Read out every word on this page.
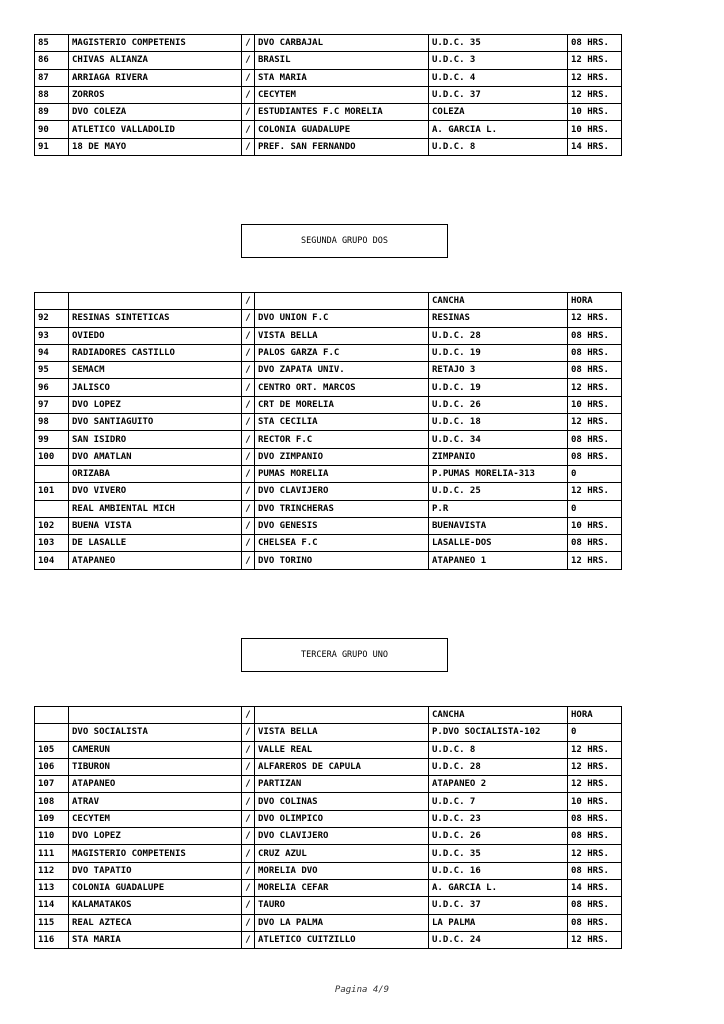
85	MAGISTERIO COMPETENIS	/	DVO CARBAJAL	U.D.C. 35	08 HRS.
86	CHIVAS ALIANZA	/	BRASIL	U.D.C. 3	12 HRS.
87	ARRIAGA RIVERA	/	STA MARIA	U.D.C. 4	12 HRS.
88	ZORROS	/	CECYTEM	U.D.C. 37	12 HRS.
89	DVO COLEZA	/	ESTUDIANTES F.C MORELIA	COLEZA	10 HRS.
90	ATLETICO VALLADOLID	/	COLONIA GUADALUPE	A. GARCIA L.	10 HRS.
91	18 DE MAYO	/	PREF. SAN FERNANDO	U.D.C. 8	14 HRS.
SEGUNDA GRUPO DOS
		/		CANCHA	HORA
92	RESINAS SINTETICAS	/	DVO UNION F.C	RESINAS	12 HRS.
93	OVIEDO	/	VISTA BELLA	U.D.C. 28	08 HRS.
94	RADIADORES CASTILLO	/	PALOS GARZA F.C	U.D.C. 19	08 HRS.
95	SEMACM	/	DVO ZAPATA UNIV.	RETAJO 3	08 HRS.
96	JALISCO	/	CENTRO ORT. MARCOS	U.D.C. 19	12 HRS.
97	DVO LOPEZ	/	CRT DE MORELIA	U.D.C. 26	10 HRS.
98	DVO SANTIAGUITO	/	STA CECILIA	U.D.C. 18	12 HRS.
99	SAN ISIDRO	/	RECTOR F.C	U.D.C. 34	08 HRS.
100	DVO AMATLAN	/	DVO ZIMPANIO	ZIMPANIO	08 HRS.
	ORIZABA	/	PUMAS MORELIA	P.PUMAS MORELIA-313	0
101	DVO VIVERO	/	DVO CLAVIJERO	U.D.C. 25	12 HRS.
	REAL AMBIENTAL MICH	/	DVO TRINCHERAS	P.R	0
102	BUENA VISTA	/	DVO GENESIS	BUENAVISTA	10 HRS.
103	DE LASALLE	/	CHELSEA F.C	LASALLE-DOS	08 HRS.
104	ATAPANEO	/	DVO TORINO	ATAPANEO 1	12 HRS.
TERCERA GRUPO UNO
		/		CANCHA	HORA
	DVO SOCIALISTA	/	VISTA BELLA	P.DVO SOCIALISTA-102	0
105	CAMERUN	/	VALLE REAL	U.D.C. 8	12 HRS.
106	TIBURON	/	ALFAREROS DE CAPULA	U.D.C. 28	12 HRS.
107	ATAPANEO	/	PARTIZAN	ATAPANEO 2	12 HRS.
108	ATRAV	/	DVO COLINAS	U.D.C. 7	10 HRS.
109	CECYTEM	/	DVO OLIMPICO	U.D.C. 23	08 HRS.
110	DVO LOPEZ	/	DVO CLAVIJERO	U.D.C. 26	08 HRS.
111	MAGISTERIO COMPETENIS	/	CRUZ AZUL	U.D.C. 35	12 HRS.
112	DVO TAPATIO	/	MORELIA DVO	U.D.C. 16	08 HRS.
113	COLONIA GUADALUPE	/	MORELIA CEFAR	A. GARCIA L.	14 HRS.
114	KALAMATAKOS	/	TAURO	U.D.C. 37	08 HRS.
115	REAL AZTECA	/	DVO LA PALMA	LA PALMA	08 HRS.
116	STA MARIA	/	ATLETICO CUITZILLO	U.D.C. 24	12 HRS.
Pagina 4/9
